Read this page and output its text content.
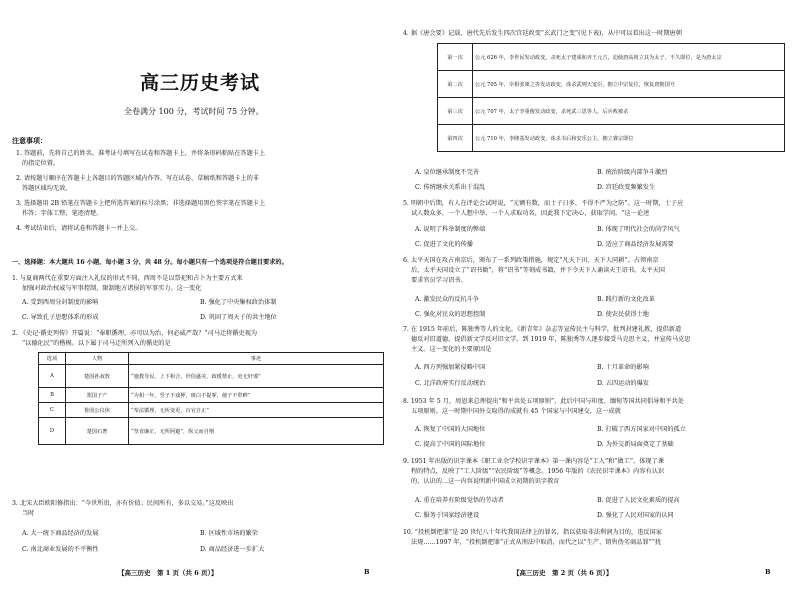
高三历史考试
全卷满分 100 分，考试时间 75 分钟。
注意事项：
1. 答题前，先将自己的姓名、准考证号填写在试卷和答题卡上，并将条形码粘贴在答题卡上
的指定位置。
2. 请按题号顺序在答题卡上各题目的答题区域内作答，写在试卷、草稿纸和答题卡上的非
答题区域均无效。
3. 选择题用 2B 铅笔在答题卡上把所选答案的标号涂黑；非选择题用黑色签字笔在答题卡上
作答；字体工整，笔迹清楚。
4. 考试结束后，请将试卷和答题卡一并上交。
一、选择题：本大题共 16 小题，每小题 3 分，共 48 分。每小题只有一个选项是符合题目要求的。
1. 与夏商两代在重要方面注入礼仪的形式不同，西周不是以祭祀和占卜为主要方式来
加强对政治权威与军事控制，限制地方诸侯的军事实力。这一变化
A. 受到西周分封制度的影响	B. 强化了中央集权政治体制
C. 导致孔子思想体系的形成	D. 巩固了周天子的共主地位
2. 《史记·循吏列传》开篇说：“奉职循理，亦可以为治，何必威严哉？”司马迁将循吏视为
“以德化民”的楷模。以下属于司马迁所列入的循吏的是
选项	人物	事迹
A	楚国孙叔敖	“施教导民，上下和合，世俗盛美，政缓禁止，吏无奸邪”
B	郑国子产	“为相一年，竖子不戏狎，斑白不提挈，僮子不犁畔”
C	鲁国公仪休	“奉法循理，无所变更，百官自正”
D	楚国石奢	“坚直廉正，无所阿避”，纵父而自刎
3. 北宋大臣欧阳修指出：“今世所贵，亦有价值；民间所有，多以交易。”这反映出
当时
A. 大一统下商品经济的发展	B. 区域性市场的繁荣
C. 南北商业发展的不平衡性	D. 商品经济进一步扩大
【高三历史　第 1 页（共 6 页）】	B
4. 据《唐会要》记载，唐代先后发生四次宫廷政变“玄武门之变”(见下表)，从中可以看出这一时期唐朝
第一次	公元 626 年，李世民发动政变，杀死太子建成和齐王元吉，迫使唐高祖立其为太子，不久即位，是为唐太宗
第二次	公元 705 年，宰相张柬之等发动政变，诛杀武则天宠臣，拥立中宗复位，恢复唐朝国号
第三次	公元 707 年，太子李重俊发动政变，杀死武三思等人，后兵败被杀
第四次	公元 710 年，李隆基发动政变，诛杀韦后和安乐公主，拥立睿宗即位
A. 皇位继承制度不完善	B. 统治阶级内部争斗激烈
C. 传统继承关系出于混乱	D. 宫廷政变频繁发生
5. 明朝中后期，有人在评论会试时说，“元额有数，而士子日多，不得不严为之防”。这一时期，士子应
试人数众多，一个人想中举，一个人求取功名，因此我下定决心，获取学问。“这一论述
A. 说明了科举制度的弊端	B. 体现了明代社会的尚学风气
C. 促进了文化的传播	D. 适应了商品经济发展需要
6. 太平天国在攻占南京后，颁布了一系列政策措施，规定“凡天下田，天下人同耕”。占领南京
后，太平天国设立了“诏书衙”，将“诏书”等刻成书籍，并下令天下人诵读天王诏书。太平天国
要求官员学习诏书。
A. 激发民众的反抗斗争	B. 践行新的文化改革
C. 强化对民众的思想控制	D. 使农民获得土地
7. 在 1915 年前后，陈独秀等人的文化，《新青年》杂志等宣传民主与科学，批判封建礼教，提倡新道
德反对旧道德，提倡新文学反对旧文学。到 1919 年，陈独秀等人逐步接受马克思主义，并宣传马克思
主义。这一变化的主要原因是
A. 西方列强加紧侵略中国	B. 十月革命的影响
C. 北洋政府实行反动统治	D. 五四运动的爆发
8. 1953 年 5 月，周恩来总理提出“和平共处五项原则”，此后中国与印度、缅甸等国共同倡导和平共处
五项原则。这一时期中国外交取得的成就有 45 个国家与中国建交，这一成就
A. 恢复了中国的大国地位	B. 打破了西方国家对中国的孤立
C. 提高了中国的国际地位	D. 为外交新局面奠定了基础
9. 1951 年出版的识字课本《职工业余学校识字课本》第一课内容是“工人”和“做工”，体现了课
程的特点，反映了“工人阶级”“农民阶级”等概念。1956 年版的《农民识字课本》内容有认识
的、认识的…这一内容说明新中国成立初期的识字教育
A. 重在培养有阶级觉悟的劳动者	B. 促进了人民文化素质的提高
C. 服务于国家经济建设	D. 强化了人民对国家的认同
10. “投机倒把罪”是 20 世纪八十年代我国法律上的罪名，指以获取非法利润为目的，违反国家
法规……1997 年，“投机倒把罪”正式从刑法中取消，而代之以“生产、销售伪劣商品罪”“扰
【高三历史　第 2 页（共 6 页）】	B
